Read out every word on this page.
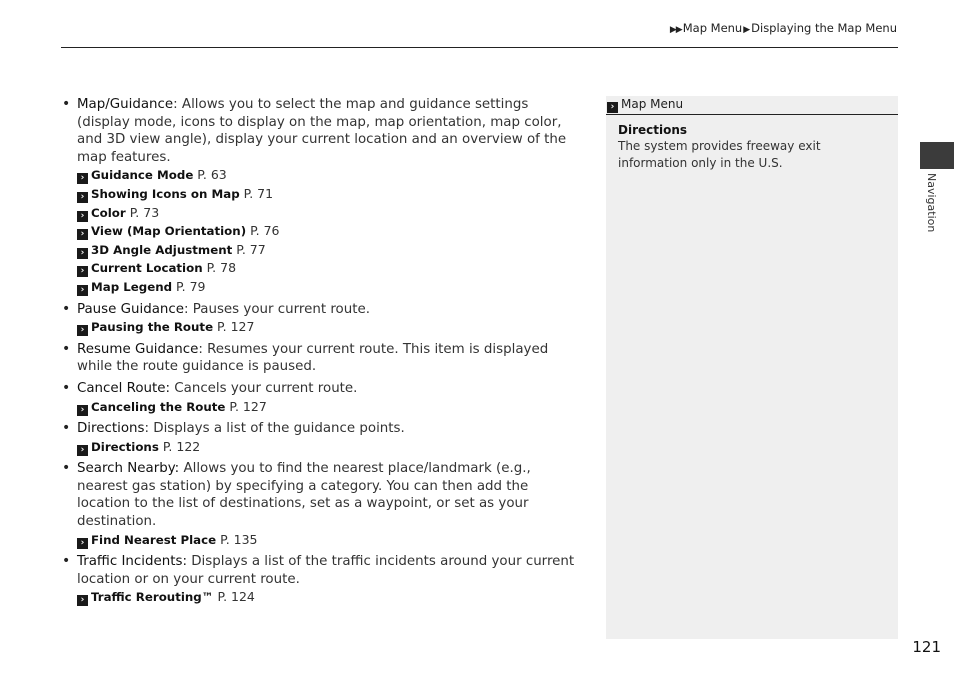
▶▶Map Menu▶Displaying the Map Menu
• Map/Guidance: Allows you to select the map and guidance settings (display mode, icons to display on the map, map orientation, map color, and 3D view angle), display your current location and an overview of the map features.
› Guidance Mode P. 63
› Showing Icons on Map P. 71
› Color P. 73
› View (Map Orientation) P. 76
› 3D Angle Adjustment P. 77
› Current Location P. 78
› Map Legend P. 79
• Pause Guidance: Pauses your current route.
› Pausing the Route P. 127
• Resume Guidance: Resumes your current route. This item is displayed while the route guidance is paused.
• Cancel Route: Cancels your current route.
› Canceling the Route P. 127
• Directions: Displays a list of the guidance points.
› Directions P. 122
• Search Nearby: Allows you to find the nearest place/landmark (e.g., nearest gas station) by specifying a category. You can then add the location to the list of destinations, set as a waypoint, or set as your destination.
› Find Nearest Place P. 135
• Traffic Incidents: Displays a list of the traffic incidents around your current location or on your current route.
› Traffic Rerouting™ P. 124
› Map Menu
Directions
The system provides freeway exit information only in the U.S.
Navigation
121
